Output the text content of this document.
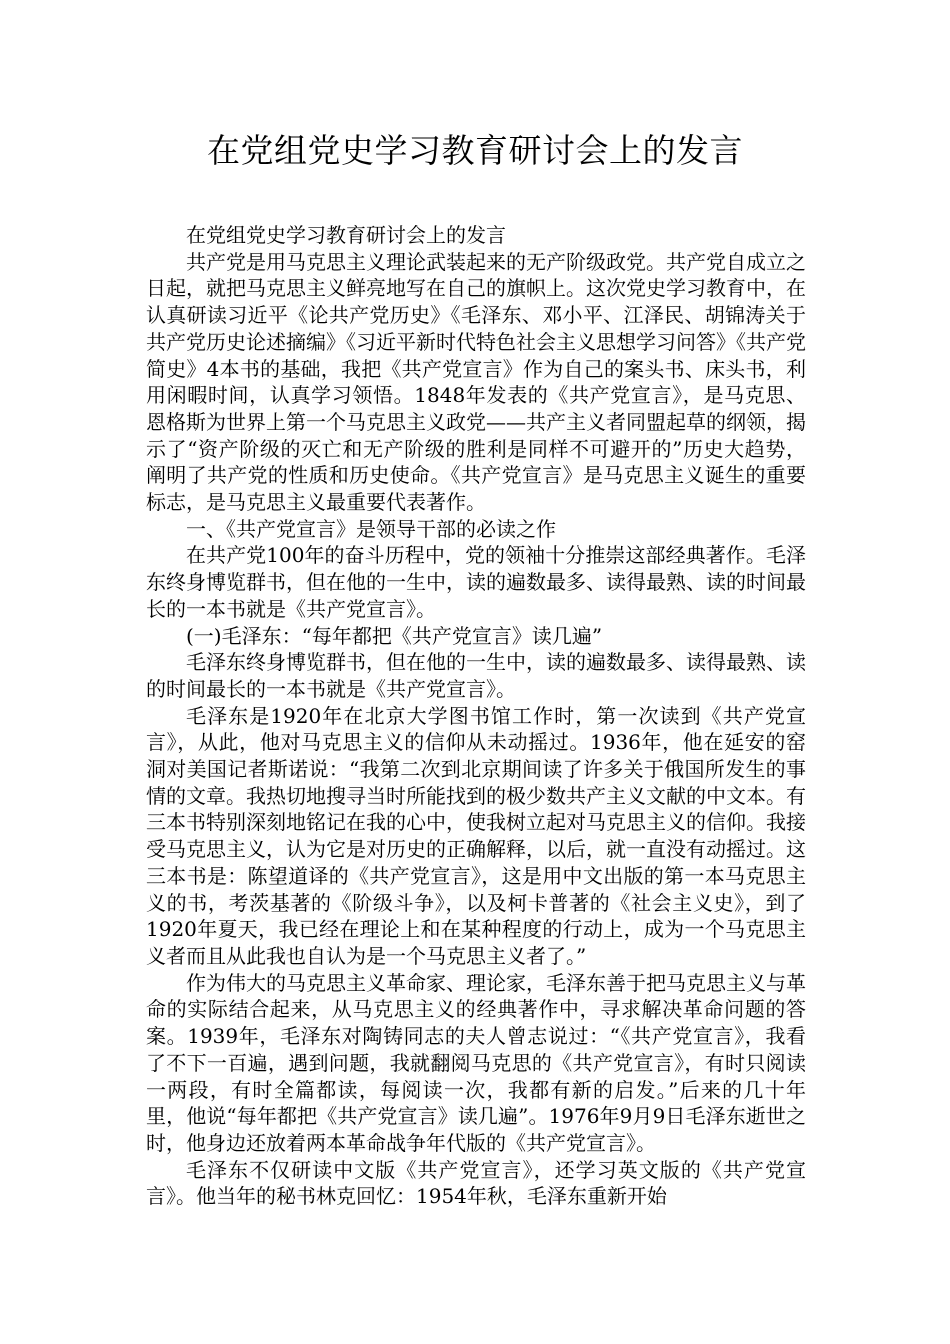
在党组党史学习教育研讨会上的发言

在党组党史学习教育研讨会上的发言

共产党是用马克思主义理论武装起来的无产阶级政党。共产党自成立之日起，就把马克思主义鲜亮地写在自己的旗帜上。这次党史学习教育中，在认真研读习近平《论共产党历史》《毛泽东、邓小平、江泽民、胡锦涛关于共产党历史论述摘编》《习近平新时代特色社会主义思想学习问答》《共产党简史》4本书的基础，我把《共产党宣言》作为自己的案头书、床头书，利用闲暇时间，认真学习领悟。1848年发表的《共产党宣言》，是马克思、恩格斯为世界上第一个马克思主义政党——共产主义者同盟起草的纲领，揭示了“资产阶级的灭亡和无产阶级的胜利是同样不可避开的”历史大趋势，阐明了共产党的性质和历史使命。《共产党宣言》是马克思主义诞生的重要标志，是马克思主义最重要代表著作。

一、《共产党宣言》是领导干部的必读之作

在共产党100年的奋斗历程中，党的领袖十分推崇这部经典著作。毛泽东终身博览群书，但在他的一生中，读的遍数最多、读得最熟、读的时间最长的一本书就是《共产党宣言》。

(一)毛泽东：“每年都把《共产党宣言》读几遍”

毛泽东终身博览群书，但在他的一生中，读的遍数最多、读得最熟、读的时间最长的一本书就是《共产党宣言》。

毛泽东是1920年在北京大学图书馆工作时，第一次读到《共产党宣言》，从此，他对马克思主义的信仰从未动摇过。1936年，他在延安的窑洞对美国记者斯诺说：“我第二次到北京期间读了许多关于俄国所发生的事情的文章。我热切地搜寻当时所能找到的极少数共产主义文献的中文本。有三本书特别深刻地铭记在我的心中，使我树立起对马克思主义的信仰。我接受马克思主义，认为它是对历史的正确解释，以后，就一直没有动摇过。这三本书是：陈望道译的《共产党宣言》，这是用中文出版的第一本马克思主义的书，考茨基著的《阶级斗争》，以及柯卡普著的《社会主义史》，到了1920年夏天，我已经在理论上和在某种程度的行动上，成为一个马克思主义者而且从此我也自认为是一个马克思主义者了。”

作为伟大的马克思主义革命家、理论家，毛泽东善于把马克思主义与革命的实际结合起来，从马克思主义的经典著作中，寻求解决革命问题的答案。1939年，毛泽东对陶铸同志的夫人曾志说过：“《共产党宣言》，我看了不下一百遍，遇到问题，我就翻阅马克思的《共产党宣言》，有时只阅读一两段，有时全篇都读，每阅读一次，我都有新的启发。”后来的几十年里，他说“每年都把《共产党宣言》读几遍”。1976年9月9日毛泽东逝世之时，他身边还放着两本革命战争年代版的《共产党宣言》。

毛泽东不仅研读中文版《共产党宣言》，还学习英文版的《共产党宣言》。他当年的秘书林克回忆：1954年秋，毛泽东重新开始
